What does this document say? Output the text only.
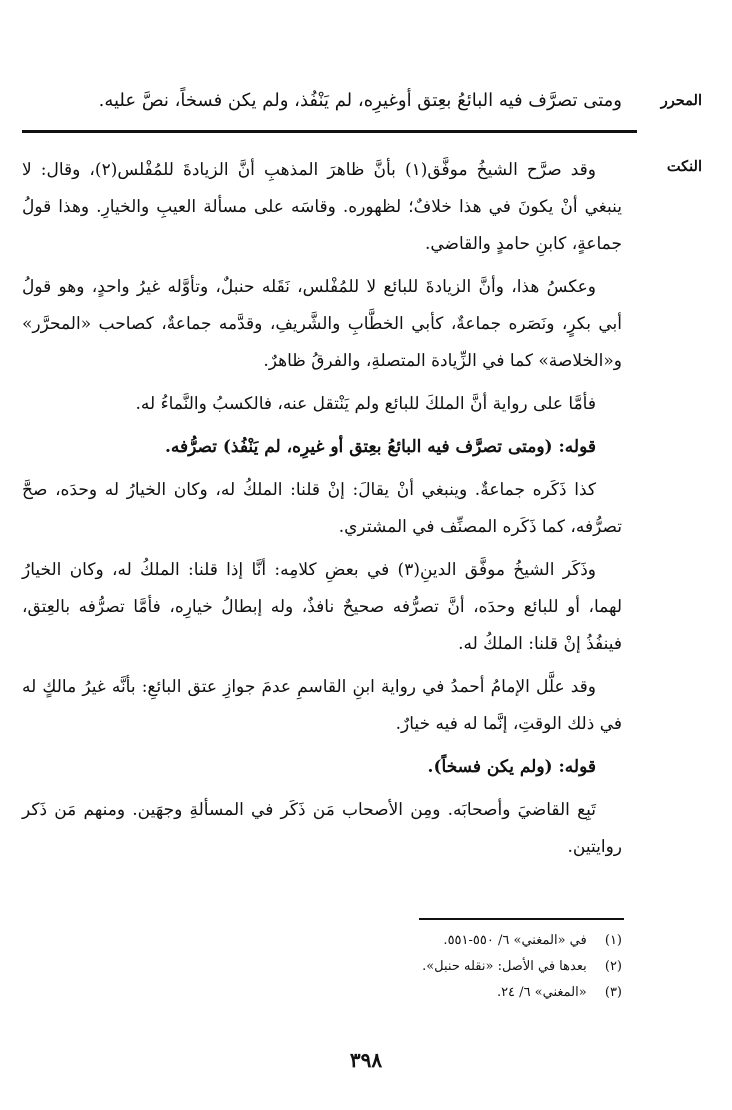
المحرر
ومتى تصرَّف فيه البائعُ بعِتق أوغيرِه، لم يَنْفُذ، ولم يكن فسخاً، نصَّ عليه.
النكت

وقد صرَّح الشيخُ موفَّق(١) بأنَّ ظاهرَ المذهبِ أنَّ الزيادةَ للمُفْلس(٢)، وقال: لا ينبغي أنْ يكونَ في هذا خلافٌ؛ لظهوره. وقاسَه على مسألة العيبِ والخيارِ. وهذا قولُ جماعةٍ، كابنِ حامدٍ والقاضي.

وعكسُ هذا، وأنَّ الزيادةَ للبائع لا للمُفْلس، نَقَله حنبلٌ، وتأوَّله غيرُ واحدٍ، وهو قولُ أبي بكرٍ، ونَصَره جماعةٌ، كأبي الخطَّابِ والشَّريفِ، وقدَّمه جماعةٌ، كصاحب «المحرَّر» و«الخلاصة» كما في الزِّيادة المتصلةِ، والفرقُ ظاهرٌ.

فأمَّا على رواية أنَّ الملكَ للبائع ولم يَنْتقل عنه، فالكسبُ والنَّماءُ له.

قوله: (ومتى تصرَّف فيه البائعُ بعِتق أو غيرِه، لم يَنْفُذ) تصرُّفه.

كذا ذَكَره جماعةٌ. وينبغي أنْ يقالَ: إنْ قلنا: الملكُ له، وكان الخيارُ له وحدَه، صحَّ تصرُّفه، كما ذَكَره المصنِّف في المشتري.

وذَكَر الشيخُ موفَّق الدينِ(٣) في بعضِ كلامِه: أنَّا إذا قلنا: الملكُ له، وكان الخيارُ لهما، أو للبائع وحدَه، أنَّ تصرُّفه صحيحٌ نافذٌ، وله إبطالُ خيارِه، فأمَّا تصرُّفه بالعِتق، فينفُذُ إنْ قلنا: الملكُ له.

وقد علَّل الإمامُ أحمدُ في رواية ابنِ القاسمِ عدمَ جوازِ عتق البائعِ: بأنَّه غيرُ مالكٍ له في ذلك الوقتِ، إنَّما له فيه خيارٌ.

قوله: (ولم يكن فسخاً).

تَبِع القاضيَ وأصحابَه. ومِن الأصحاب مَن ذَكَر في المسألةِ وجهَين. ومنهم مَن ذَكر روايتين.

(١) في «المغني» ٦/ ٥٥٠-٥٥١.
(٢) بعدها في الأصل: «نقله حنبل».
(٣) «المغني» ٦/ ٢٤.
٣٩٨
